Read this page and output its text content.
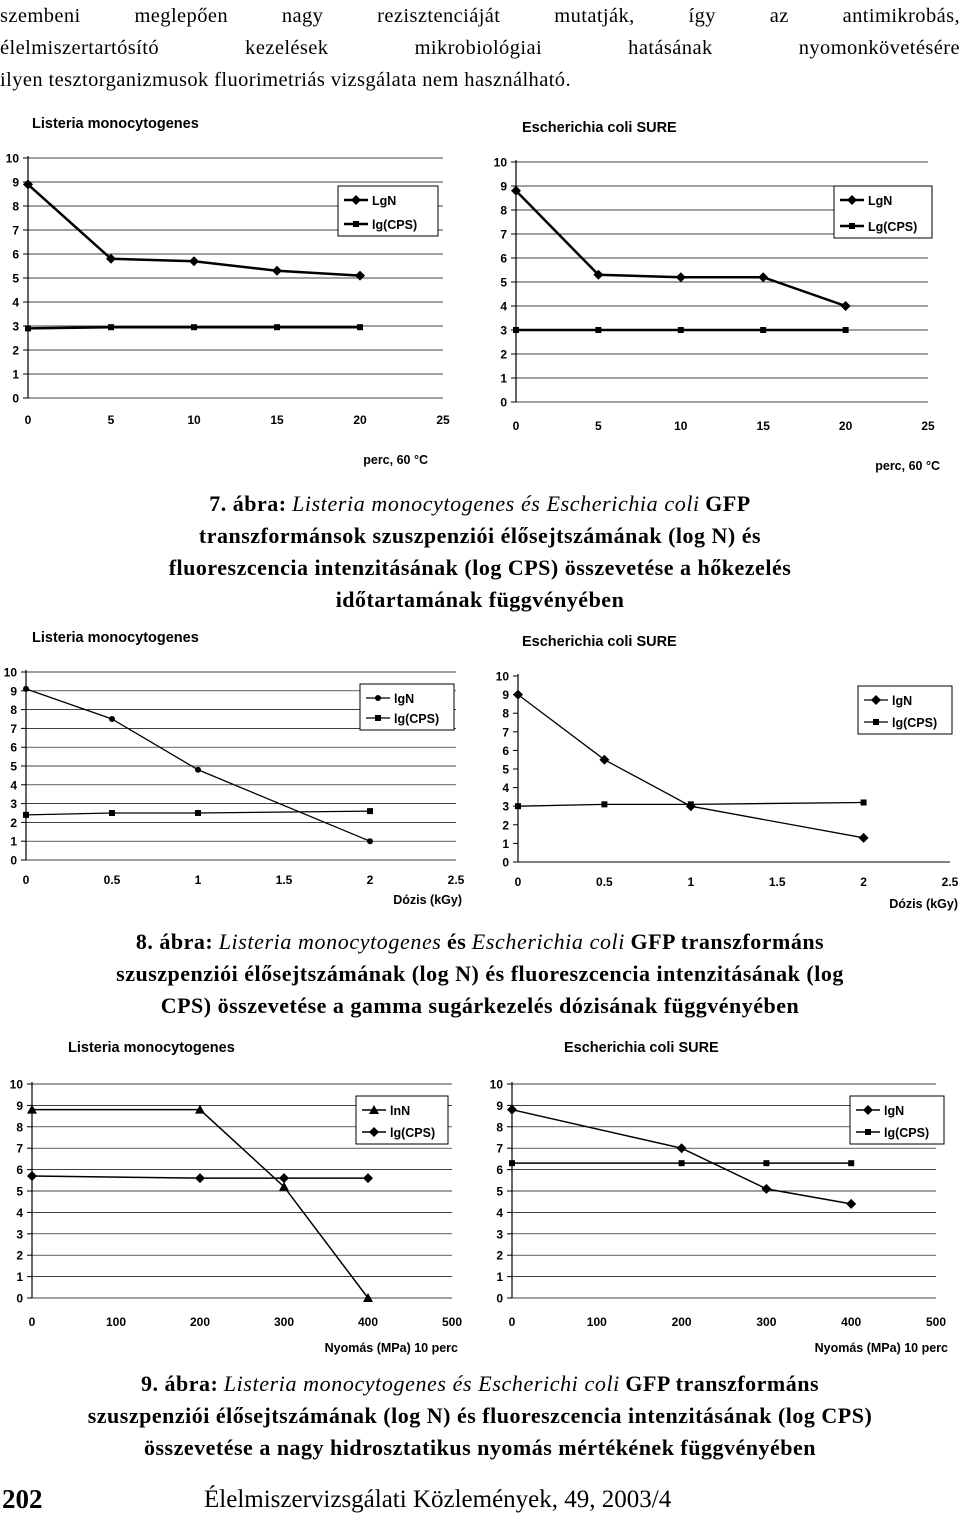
szembeni meglepően nagy rezisztenciáját mutatják, így az antimikrobás,
élelmiszertartósító kezelések mikrobiológiai hatásának nyomonkövetésére
ilyen tesztorganizmusok fluorimetriás vizsgálata nem használható.
Listeria monocytogenes
0
1
2
3
4
5
6
7
8
9
10
0	5	10	15	20	25
perc, 60 °C
LgN
lg(CPS)
Escherichia coli SURE
0
1
2
3
4
5
6
7
8
9
10
0	5	10	15	20	25
perc, 60 °C
LgN
Lg(CPS)
7. ábra: Listeria monocytogenes és Escherichia coli GFP
transzformánsok szuszpenziói élősejtszámának (log N) és
fluoreszcencia intenzitásának (log CPS) összevetése a hőkezelés
időtartamának függvényében
Listeria monocytogenes
0
1
2
3
4
5
6
7
8
9
10
0	0.5	1	1.5	2	2.5
Dózis (kGy)
lgN
lg(CPS)
Escherichia coli SURE
0
1
2
3
4
5
6
7
8
9
10
0	0.5	1	1.5	2	2.5
Dózis (kGy)
lgN
lg(CPS)
8. ábra: Listeria monocytogenes és Escherichia coli GFP transzformáns
szuszpenziói élősejtszámának (log N) és fluoreszcencia intenzitásának (log
CPS) összevetése a gamma sugárkezelés dózisának függvényében
Listeria monocytogenes
0
1
2
3
4
5
6
7
8
9
10
0	100	200	300	400	500
Nyomás (MPa) 10 perc
lnN
lg(CPS)
Escherichia coli SURE
0
1
2
3
4
5
6
7
8
9
10
0	100	200	300	400	500
Nyomás (MPa) 10 perc
lgN
lg(CPS)
9. ábra: Listeria monocytogenes és Escherichi coli GFP transzformáns
szuszpenziói élősejtszámának (log N) és fluoreszcencia intenzitásának (log CPS)
összevetése a nagy hidrosztatikus nyomás mértékének függvényében
202	Élelmiszervizsgálati Közlemények, 49, 2003/4
